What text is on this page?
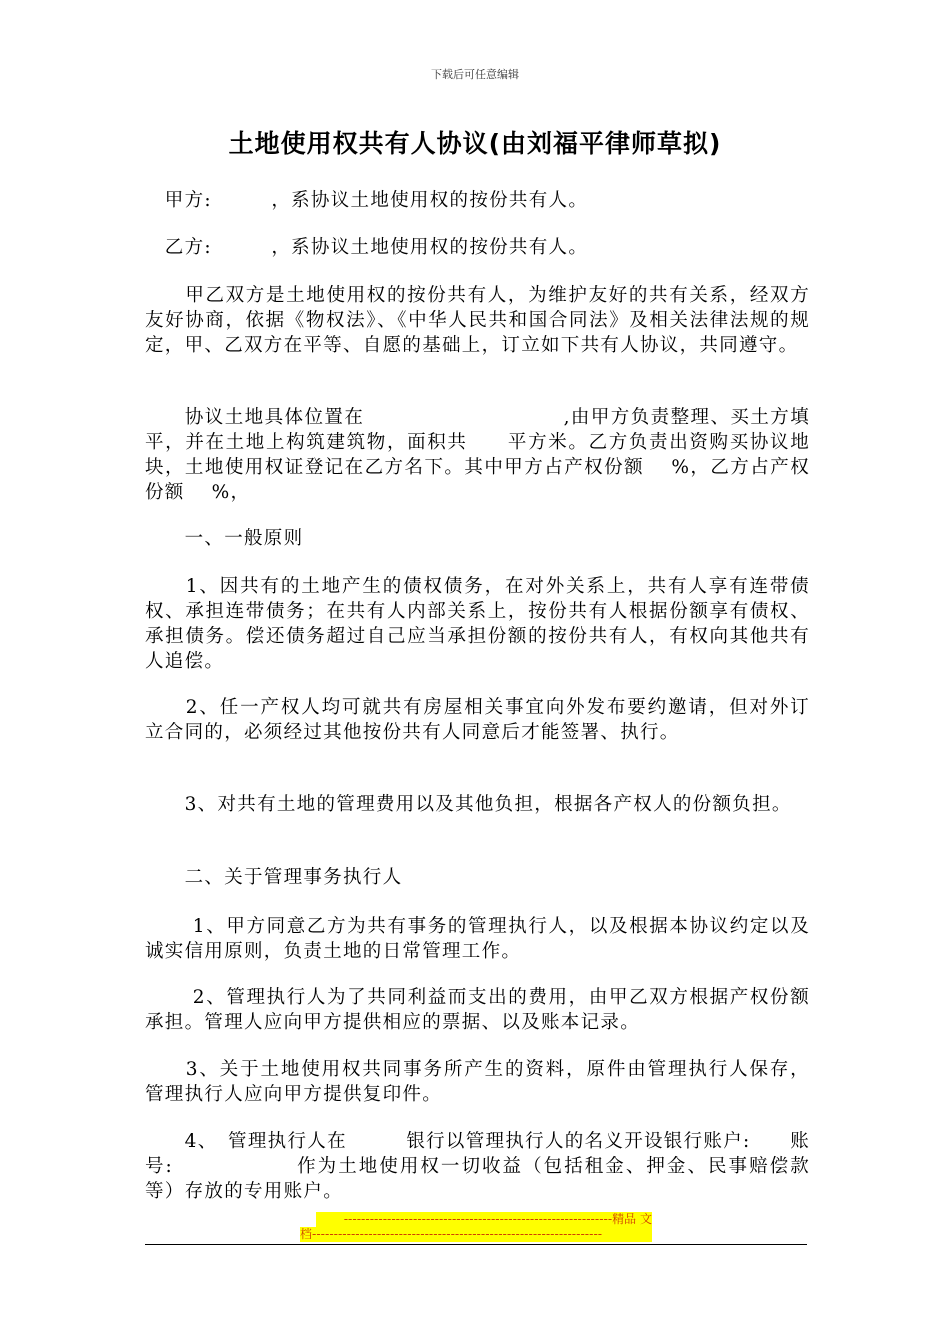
下载后可任意编辑
土地使用权共有人协议(由刘福平律师草拟)
　甲方:　　　，系协议土地使用权的按份共有人。
　乙方:　　　，系协议土地使用权的按份共有人。
　　甲乙双方是土地使用权的按份共有人，为维护友好的共有关系，经双方友好协商，依据《物权法》、《中华人民共和国合同法》及相关法律法规的规定，甲、乙双方在平等、自愿的基础上，订立如下共有人协议，共同遵守。
　　协议土地具体位置在　　　　　　　　　　,由甲方负责整理、买土方填平，并在土地上构筑建筑物，面积共　　平方米。乙方负责出资购买协议地块，土地使用权证登记在乙方名下。其中甲方占产权份额　 %，乙方占产权份额　 %，
　　一、一般原则
　　1、因共有的土地产生的债权债务，在对外关系上，共有人享有连带债权、承担连带债务；在共有人内部关系上，按份共有人根据份额享有债权、承担债务。偿还债务超过自己应当承担份额的按份共有人，有权向其他共有人追偿。
　　2、任一产权人均可就共有房屋相关事宜向外发布要约邀请，但对外订立合同的，必须经过其他按份共有人同意后才能签署、执行。
　　3、对共有土地的管理费用以及其他负担，根据各产权人的份额负担。
　　二、关于管理事务执行人
　　 1、甲方同意乙方为共有事务的管理执行人，以及根据本协议约定以及诚实信用原则，负责土地的日常管理工作。
　　 2、管理执行人为了共同利益而支出的费用，由甲乙双方根据产权份额承担。管理人应向甲方提供相应的票据、以及账本记录。
　　3、关于土地使用权共同事务所产生的资料，原件由管理执行人保存，管理执行人应向甲方提供复印件。
　　4、　管理执行人在　　　银行以管理执行人的名义开设银行账户:　　账号:　　　　　　作为土地使用权一切收益（包括租金、押金、民事赔偿款等）存放的专用账户。
--------------------------------------------------------------精品 文
档-------------------------------------------------------------------
